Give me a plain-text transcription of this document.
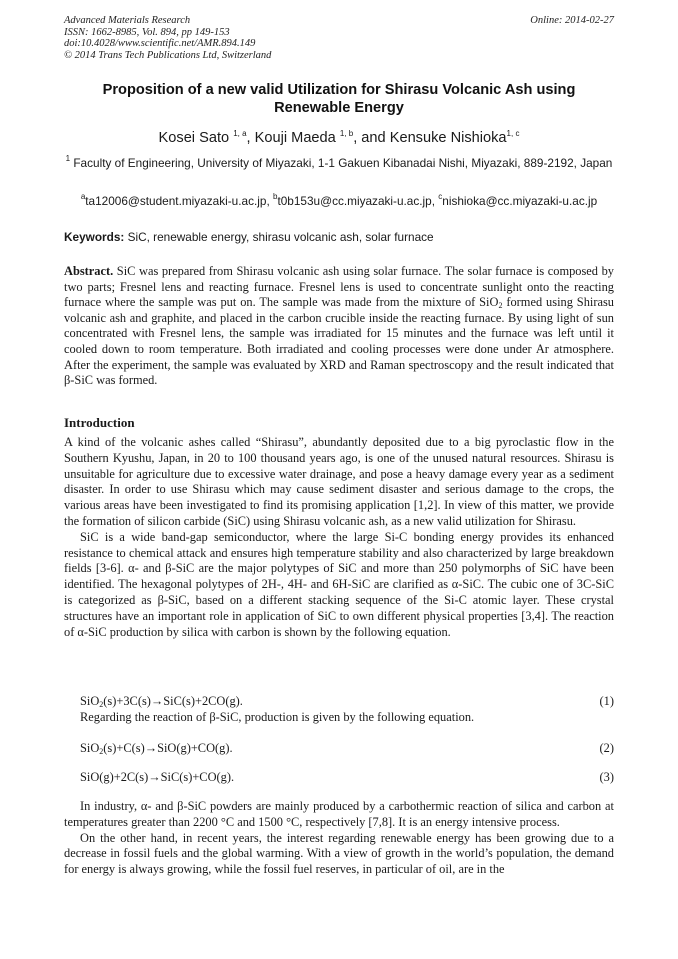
Advanced Materials Research
ISSN: 1662-8985, Vol. 894, pp 149-153
doi:10.4028/www.scientific.net/AMR.894.149
© 2014 Trans Tech Publications Ltd, Switzerland
Online: 2014-02-27
Proposition of a new valid Utilization for Shirasu Volcanic Ash using Renewable Energy
Kosei Sato $^{1, a}$, Kouji Maeda $^{1, b}$, and Kensuke Nishioka$^{1, c}$
$^1$ Faculty of Engineering, University of Miyazaki, 1-1 Gakuen Kibanadai Nishi, Miyazaki, 889-2192, Japan
$^a$ta12006@student.miyazaki-u.ac.jp, $^b$t0b153u@cc.miyazaki-u.ac.jp, $^c$nishioka@cc.miyazaki-u.ac.jp
Keywords: SiC, renewable energy, shirasu volcanic ash, solar furnace
Abstract. SiC was prepared from Shirasu volcanic ash using solar furnace. The solar furnace is composed by two parts; Fresnel lens and reacting furnace. Fresnel lens is used to concentrate sunlight onto the reacting furnace where the sample was put on. The sample was made from the mixture of SiO$_2$ formed using Shirasu volcanic ash and graphite, and placed in the carbon crucible inside the reacting furnace. By using light of sun concentrated with Fresnel lens, the sample was irradiated for 15 minutes and the furnace was left until it cooled down to room temperature. Both irradiated and cooling processes were done under Ar atmosphere. After the experiment, the sample was evaluated by XRD and Raman spectroscopy and the result indicated that β-SiC was formed.
Introduction

A kind of the volcanic ashes called “Shirasu”, abundantly deposited due to a big pyroclastic flow in the Southern Kyushu, Japan, in 20 to 100 thousand years ago, is one of the unused natural resources. Shirasu is unsuitable for agriculture due to excessive water drainage, and pose a heavy damage every year as a sediment disaster. In order to use Shirasu which may cause sediment disaster and serious damage to the crops, the various areas have been investigated to find its promising application [1,2]. In view of this matter, we provide the formation of silicon carbide (SiC) using Shirasu volcanic ash, as a new valid utilization for Shirasu.

SiC is a wide band-gap semiconductor, where the large Si-C bonding energy provides its enhanced resistance to chemical attack and ensures high temperature stability and also characterized by large breakdown fields [3-6]. α- and β-SiC are the major polytypes of SiC and more than 250 polymorphs of SiC have been identified. The hexagonal polytypes of 2H-, 4H- and 6H-SiC are clarified as α-SiC. The cubic one of 3C-SiC is categorized as β-SiC, based on a different stacking sequence of the Si-C atomic layer. These crystal structures have an important role in application of SiC to own different physical properties [3,4]. The reaction of α-SiC production by silica with carbon is shown by the following equation.

SiO$_2$(s)+3C(s)→SiC(s)+2CO(g).	(1)
Regarding the reaction of β-SiC, production is given by the following equation.
SiO$_2$(s)+C(s)→SiO(g)+CO(g).	(2)
SiO(g)+2C(s)→SiC(s)+CO(g).	(3)

In industry, α- and β-SiC powders are mainly produced by a carbothermic reaction of silica and carbon at temperatures greater than 2200 °C and 1500 °C, respectively [7,8]. It is an energy intensive process.

On the other hand, in recent years, the interest regarding renewable energy has been growing due to a decrease in fossil fuels and the global warming. With a view of growth in the world’s population, the demand for energy is always growing, while the fossil fuel reserves, in particular of oil, are in the
